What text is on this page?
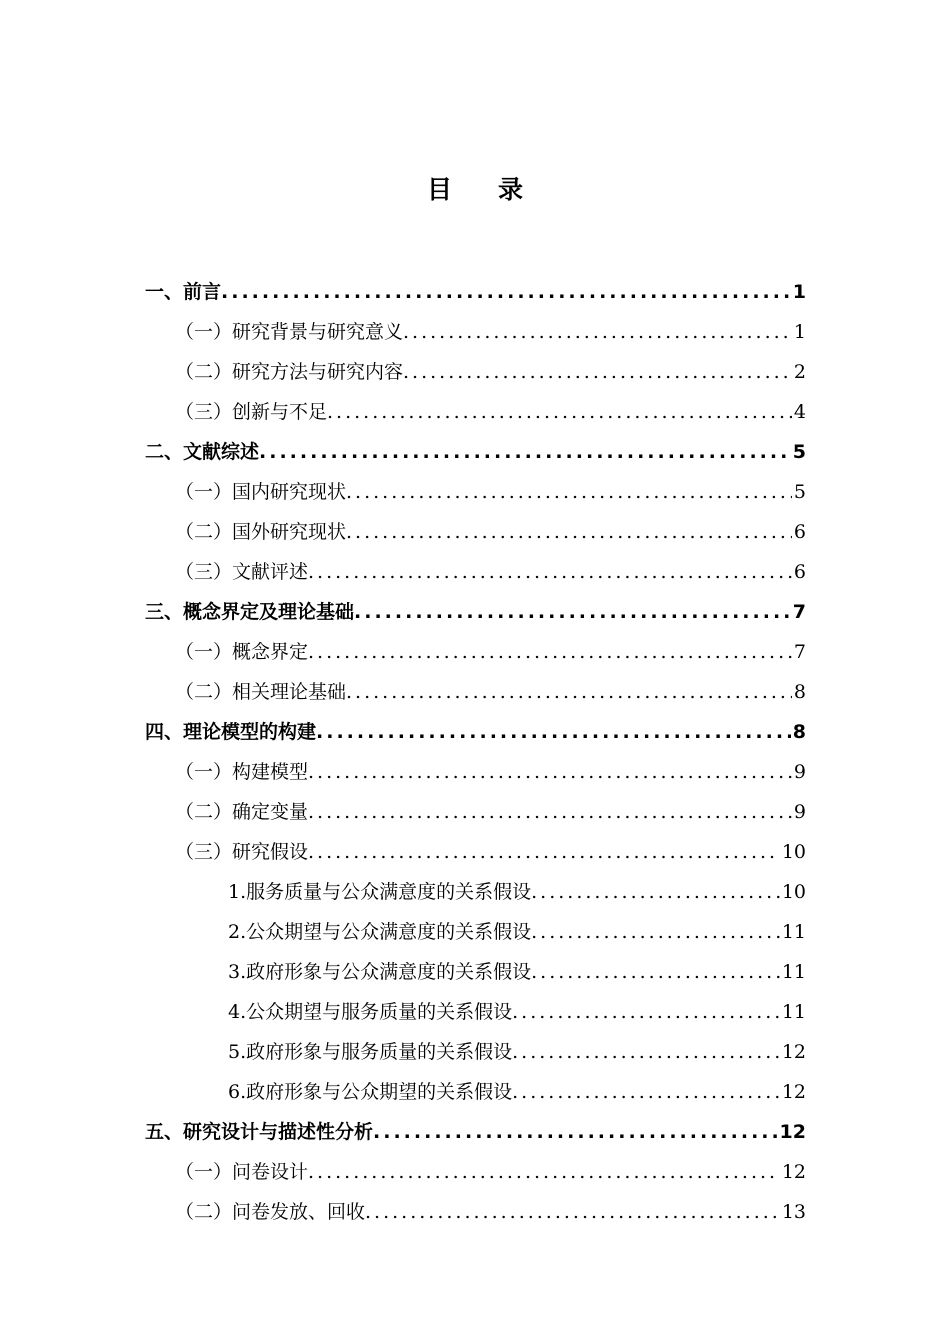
目 录
一、前言 .....	1
（一）研究背景与研究意义 .....	1
（二）研究方法与研究内容 .....	2
（三）创新与不足 .....	4
二、文献综述 .....	5
（一）国内研究现状 .....	5
（二）国外研究现状 .....	6
（三）文献评述 .....	6
三、概念界定及理论基础 .....	7
（一）概念界定 .....	7
（二）相关理论基础 .....	8
四、理论模型的构建 .....	8
（一）构建模型 .....	9
（二）确定变量 .....	9
（三）研究假设 .....	10
1.服务质量与公众满意度的关系假设 .....	10
2.公众期望与公众满意度的关系假设 .....	11
3.政府形象与公众满意度的关系假设 .....	11
4.公众期望与服务质量的关系假设 .....	11
5.政府形象与服务质量的关系假设 .....	12
6.政府形象与公众期望的关系假设 .....	12
五、研究设计与描述性分析 .....	12
（一）问卷设计 .....	12
（二）问卷发放、回收 .....	13
